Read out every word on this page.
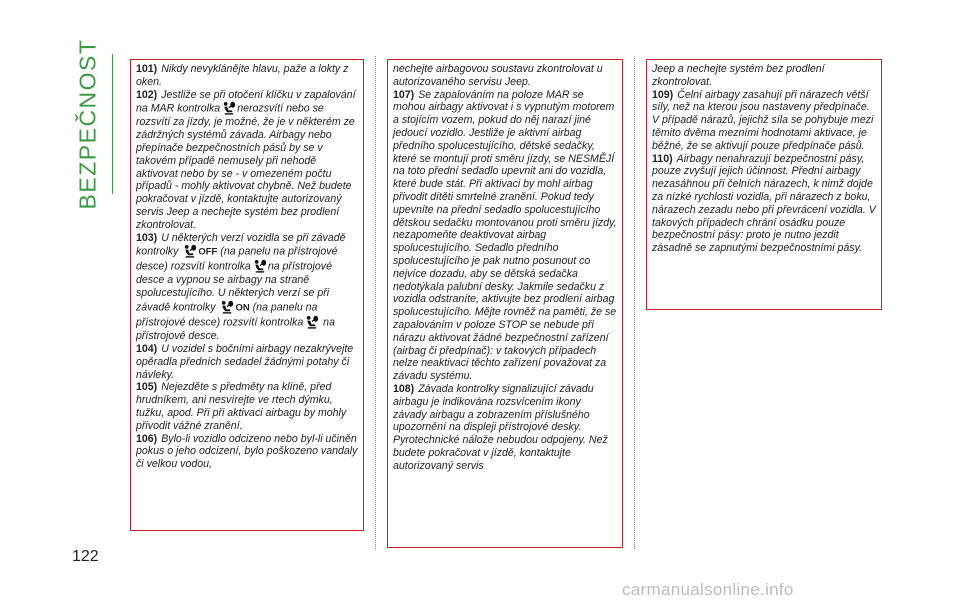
BEZPEČNOST	101) Nikdy nevyklánějte hlavu, paže a lokty z oken.

102) Jestliže se při otočení klíčku v zapalování na MAR kontrolka nerozsvítí nebo se rozsvítí za jízdy, je možné, že je v některém ze zádržných systémů závada. Airbagy nebo přepínače bezpečnostních pásů by se v takovém případě nemusely při nehodě aktivovat nebo by se - v omezeném počtu případů - mohly aktivovat chybně. Než budete pokračovat v jízdě, kontaktujte autorizovaný servis Jeep a nechejte systém bez prodlení zkontrolovat.

103) U některých verzí vozidla se při závadě kontrolky OFF (na panelu na přístrojové desce) rozsvítí kontrolka na přístrojové desce a vypnou se airbagy na straně spolucestujícího. U některých verzí se při závadě kontrolky ON (na panelu na přístrojové desce) rozsvítí kontrolka na přístrojové desce.

104) U vozidel s bočními airbagy nezakrývejte opěradla předních sedadel žádnými potahy či návleky.

105) Nejezděte s předměty na klíně, před hrudníkem, ani nesvírejte ve rtech dýmku, tužku, apod. Při při aktivaci airbagu by mohly přivodit vážné zranění.

106) Bylo-li vozidlo odcizeno nebo byl-li učiněn pokus o jeho odcizení, bylo poškozeno vandaly či velkou vodou,

nechejte airbagovou soustavu zkontrolovat u autorizovaného servisu Jeep.

107) Se zapalováním na poloze MAR se mohou airbagy aktivovat i s vypnutým motorem a stojícím vozem, pokud do něj narazí jiné jedoucí vozidlo. Jestliže je aktivní airbag předního spolucestujícího, dětské sedačky, které se montují proti směru jízdy, se NESMĚJÍ na toto přední sedadlo upevnit ani do vozidla, které bude stát. Při aktivaci by mohl airbag přivodit dítěti smrtelné zranění. Pokud tedy upevníte na přední sedadlo spolucestujícího dětskou sedačku montovanou proti směru jízdy, nezapomeňte deaktivovat airbag spolucestujícího. Sedadlo předního spolucestujícího je pak nutno posunout co nejvíce dozadu, aby se dětská sedačka nedotýkala palubní desky. Jakmile sedačku z vozidla odstraníte, aktivujte bez prodlení airbag spolucestujícího. Mějte rovněž na paměti, že se zapalováním v poloze STOP se nebude při nárazu aktivovat žádné bezpečnostní zařízení (airbag či předpínač): v takových případech nelze neaktivaci těchto zařízení považovat za závadu systému.

108) Závada kontrolky signalizující závadu airbagu je indikována rozsvícením ikony závady airbagu a zobrazením příslušného upozornění na displeji přístrojové desky. Pyrotechnické nálože nebudou odpojeny. Než budete pokračovat v jízdě, kontaktujte autorizovaný servis

Jeep a nechejte systém bez prodlení zkontrolovat.

109) Čelní airbagy zasahují při nárazech větší síly, než na kterou jsou nastaveny předpínače. V případě nárazů, jejichž síla se pohybuje mezi těmito dvěma mezními hodnotami aktivace, je běžné, že se aktivují pouze předpínače pásů.

110) Airbagy nenahrazují bezpečnostní pásy, pouze zvyšují jejich účinnost. Přední airbagy nezasáhnou při čelních nárazech, k nimž dojde za nízké rychlosti vozidla, při nárazech z boku, nárazech zezadu nebo při převrácení vozidla. V takových případech chrání osádku pouze bezpečnostní pásy: proto je nutno jezdit zásadně se zapnutými bezpečnostními pásy.

122
carmanualsonline.info
